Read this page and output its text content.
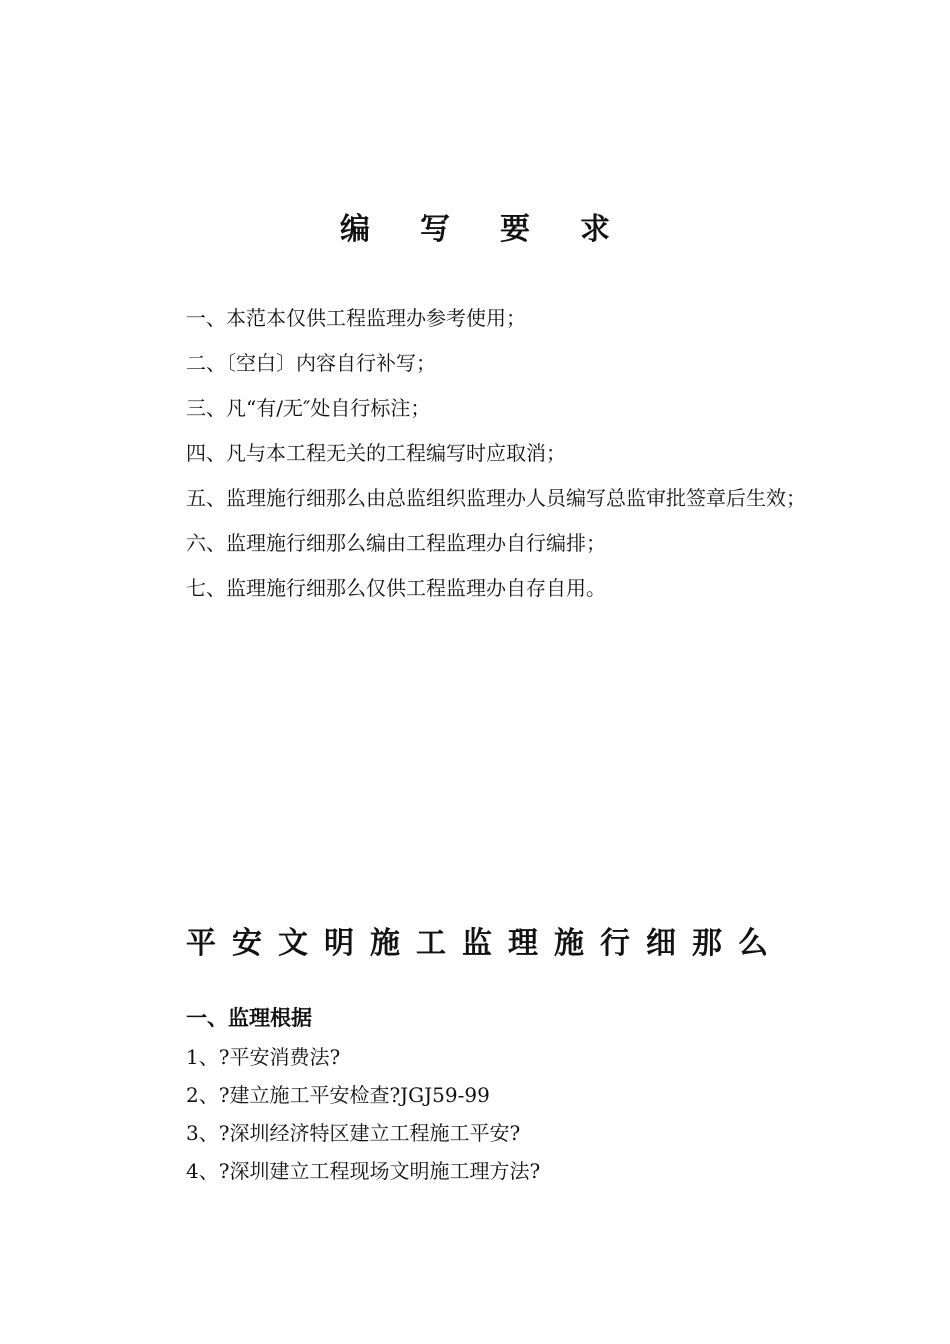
编写要求

一、本范本仅供工程监理办参考使用；

二、〔空白〕内容自行补写；

三、凡“有/无″处自行标注；

四、凡与本工程无关的工程编写时应取消；

五、监理施行细那么由总监组织监理办人员编写总监审批签章后生效；

六、监理施行细那么编由工程监理办自行编排；

七、监理施行细那么仅供工程监理办自存自用。

平安文明施工监理施行细那么
一、监理根据

1、?平安消费法?

2、?建立施工平安检查?JGJ59-99

3、?深圳经济特区建立工程施工平安?

4、?深圳建立工程现场文明施工理方法?
